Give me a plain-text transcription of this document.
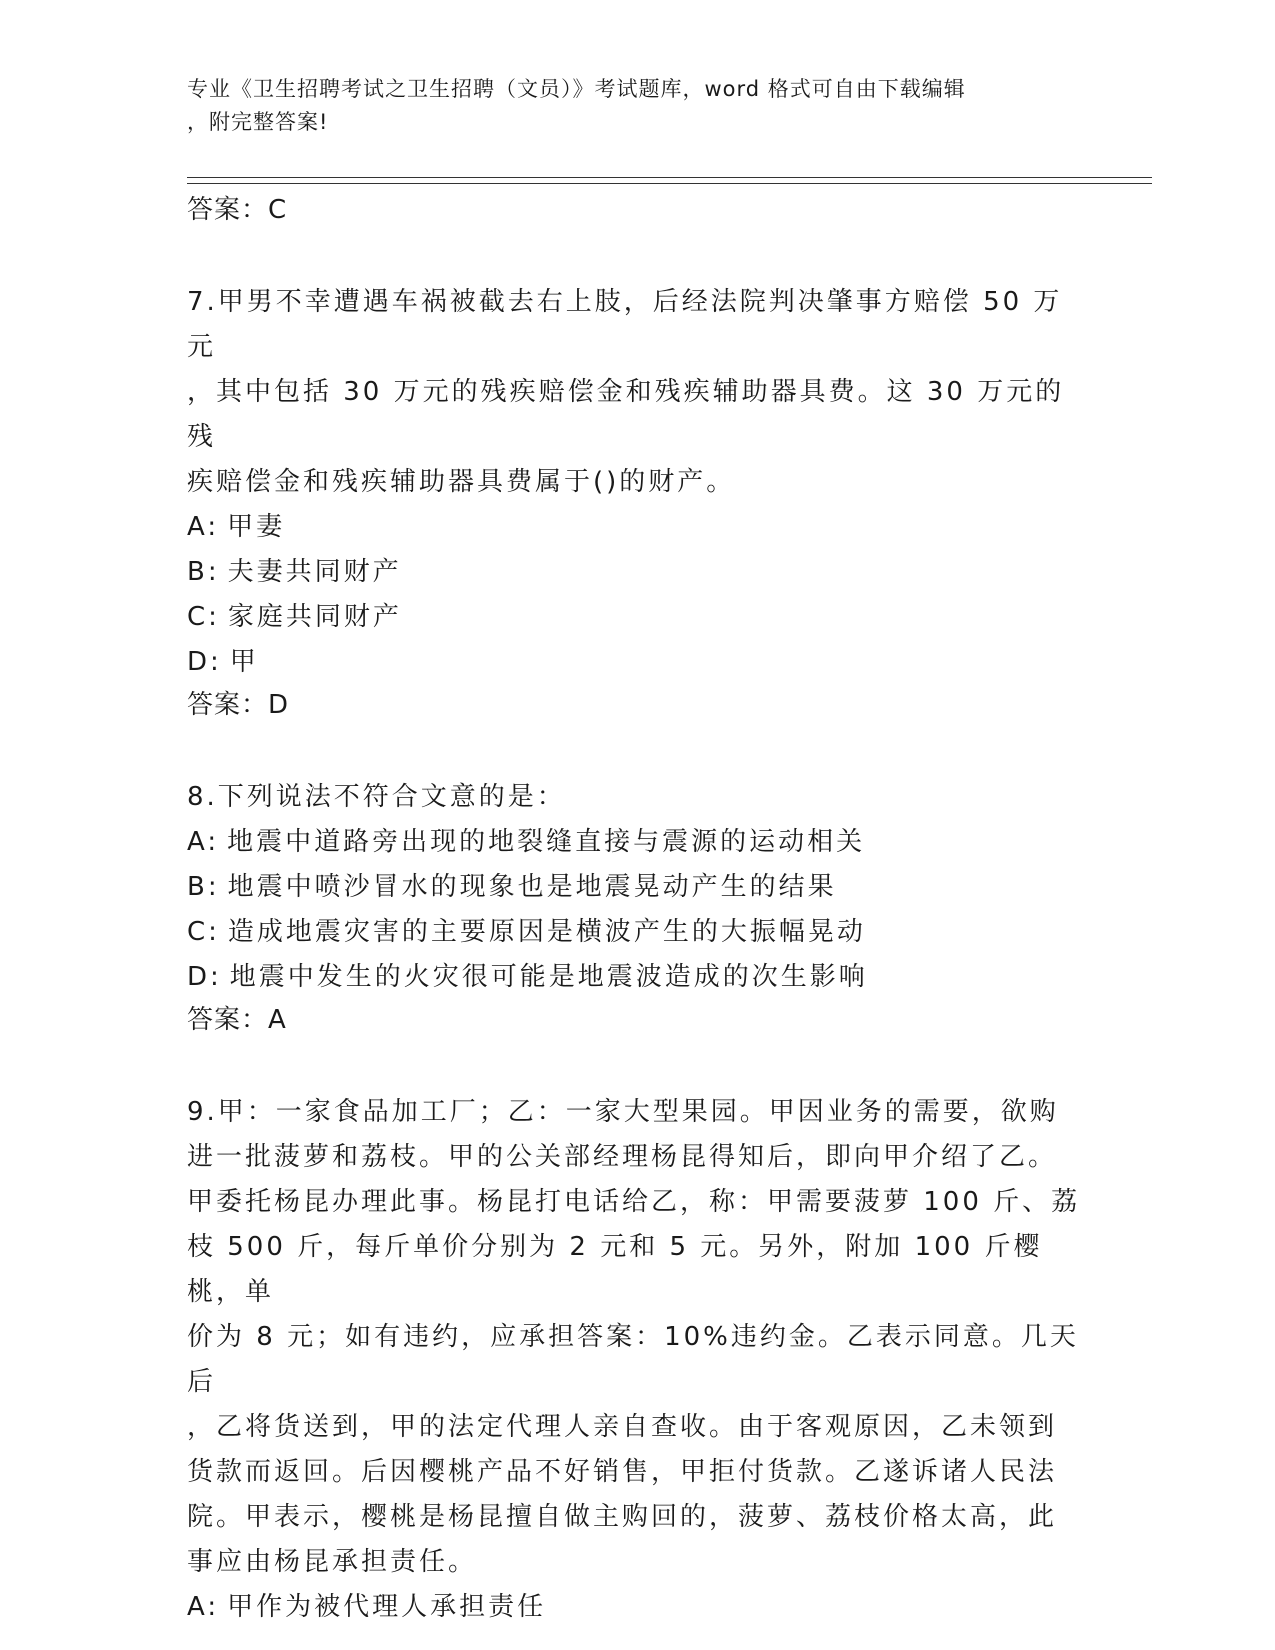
专业《卫生招聘考试之卫生招聘（文员）》考试题库，word 格式可自由下载编辑
，附完整答案!

答案：C

7.甲男不幸遭遇车祸被截去右上肢，后经法院判决肇事方赔偿 50 万元
，其中包括 30 万元的残疾赔偿金和残疾辅助器具费。这 30 万元的残
疾赔偿金和残疾辅助器具费属于()的财产。

A: 甲妻

B: 夫妻共同财产

C: 家庭共同财产

D: 甲

答案：D

8.下列说法不符合文意的是：

A: 地震中道路旁出现的地裂缝直接与震源的运动相关

B: 地震中喷沙冒水的现象也是地震晃动产生的结果

C: 造成地震灾害的主要原因是横波产生的大振幅晃动

D: 地震中发生的火灾很可能是地震波造成的次生影响

答案：A

9.甲：一家食品加工厂；乙：一家大型果园。甲因业务的需要，欲购
进一批菠萝和荔枝。甲的公关部经理杨昆得知后，即向甲介绍了乙。
甲委托杨昆办理此事。杨昆打电话给乙，称：甲需要菠萝 100 斤、荔
枝 500 斤，每斤单价分别为 2 元和 5 元。另外，附加 100 斤樱桃，单
价为 8 元；如有违约，应承担答案：10%违约金。乙表示同意。几天后
，乙将货送到，甲的法定代理人亲自查收。由于客观原因，乙未领到
货款而返回。后因樱桃产品不好销售，甲拒付货款。乙遂诉诸人民法
院。甲表示，樱桃是杨昆擅自做主购回的，菠萝、荔枝价格太高，此
事应由杨昆承担责任。

A: 甲作为被代理人承担责任
